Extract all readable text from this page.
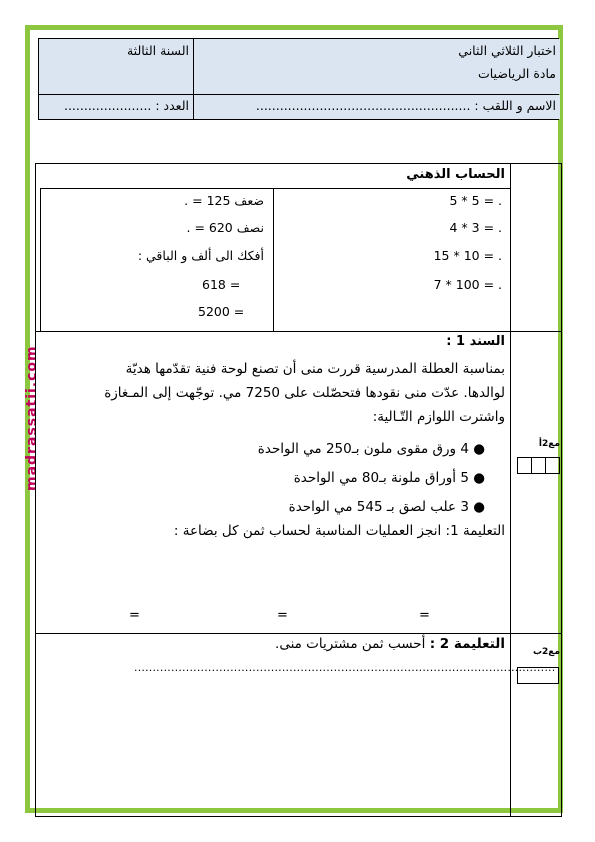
madrassatii.com
اختبار الثلاثي الثاني
مادة الرياضيات
السنة الثالثة
الاسم و اللقب : ......................................................
العدد : ......................
الحساب الذهني
5 * 5 = .
4 * 3 = .
15 * 10 = .
7 * 100 = .
ضعف 125 = .
نصف 620 = .
أفكك الى ألف و الباقي :
618 =
5200 =
السند 1 :
بمناسبة العطلة المدرسية قررت منى أن تصنع لوحة فنية تقدّمها هديّة
لوالدها. عدّت منى نقودها فتحصّلت على 7250 مي. توجّهت إلى المـغازة
واشترت اللوازم التّـالية:
● 4 ورق مقوى ملون بـ250 مي الواحدة
● 5 أوراق ملونة بـ80 مي الواحدة
● 3 علب لصق بـ 545 مي الواحدة
التعليمة 1: انجز العمليات المناسبة لحساب ثمن كل بضاعة :
=	=	=
مع2أ
التعليمة 2 : أحسب ثمن مشتريات منى.
..................................................................................................................
مع2ب
